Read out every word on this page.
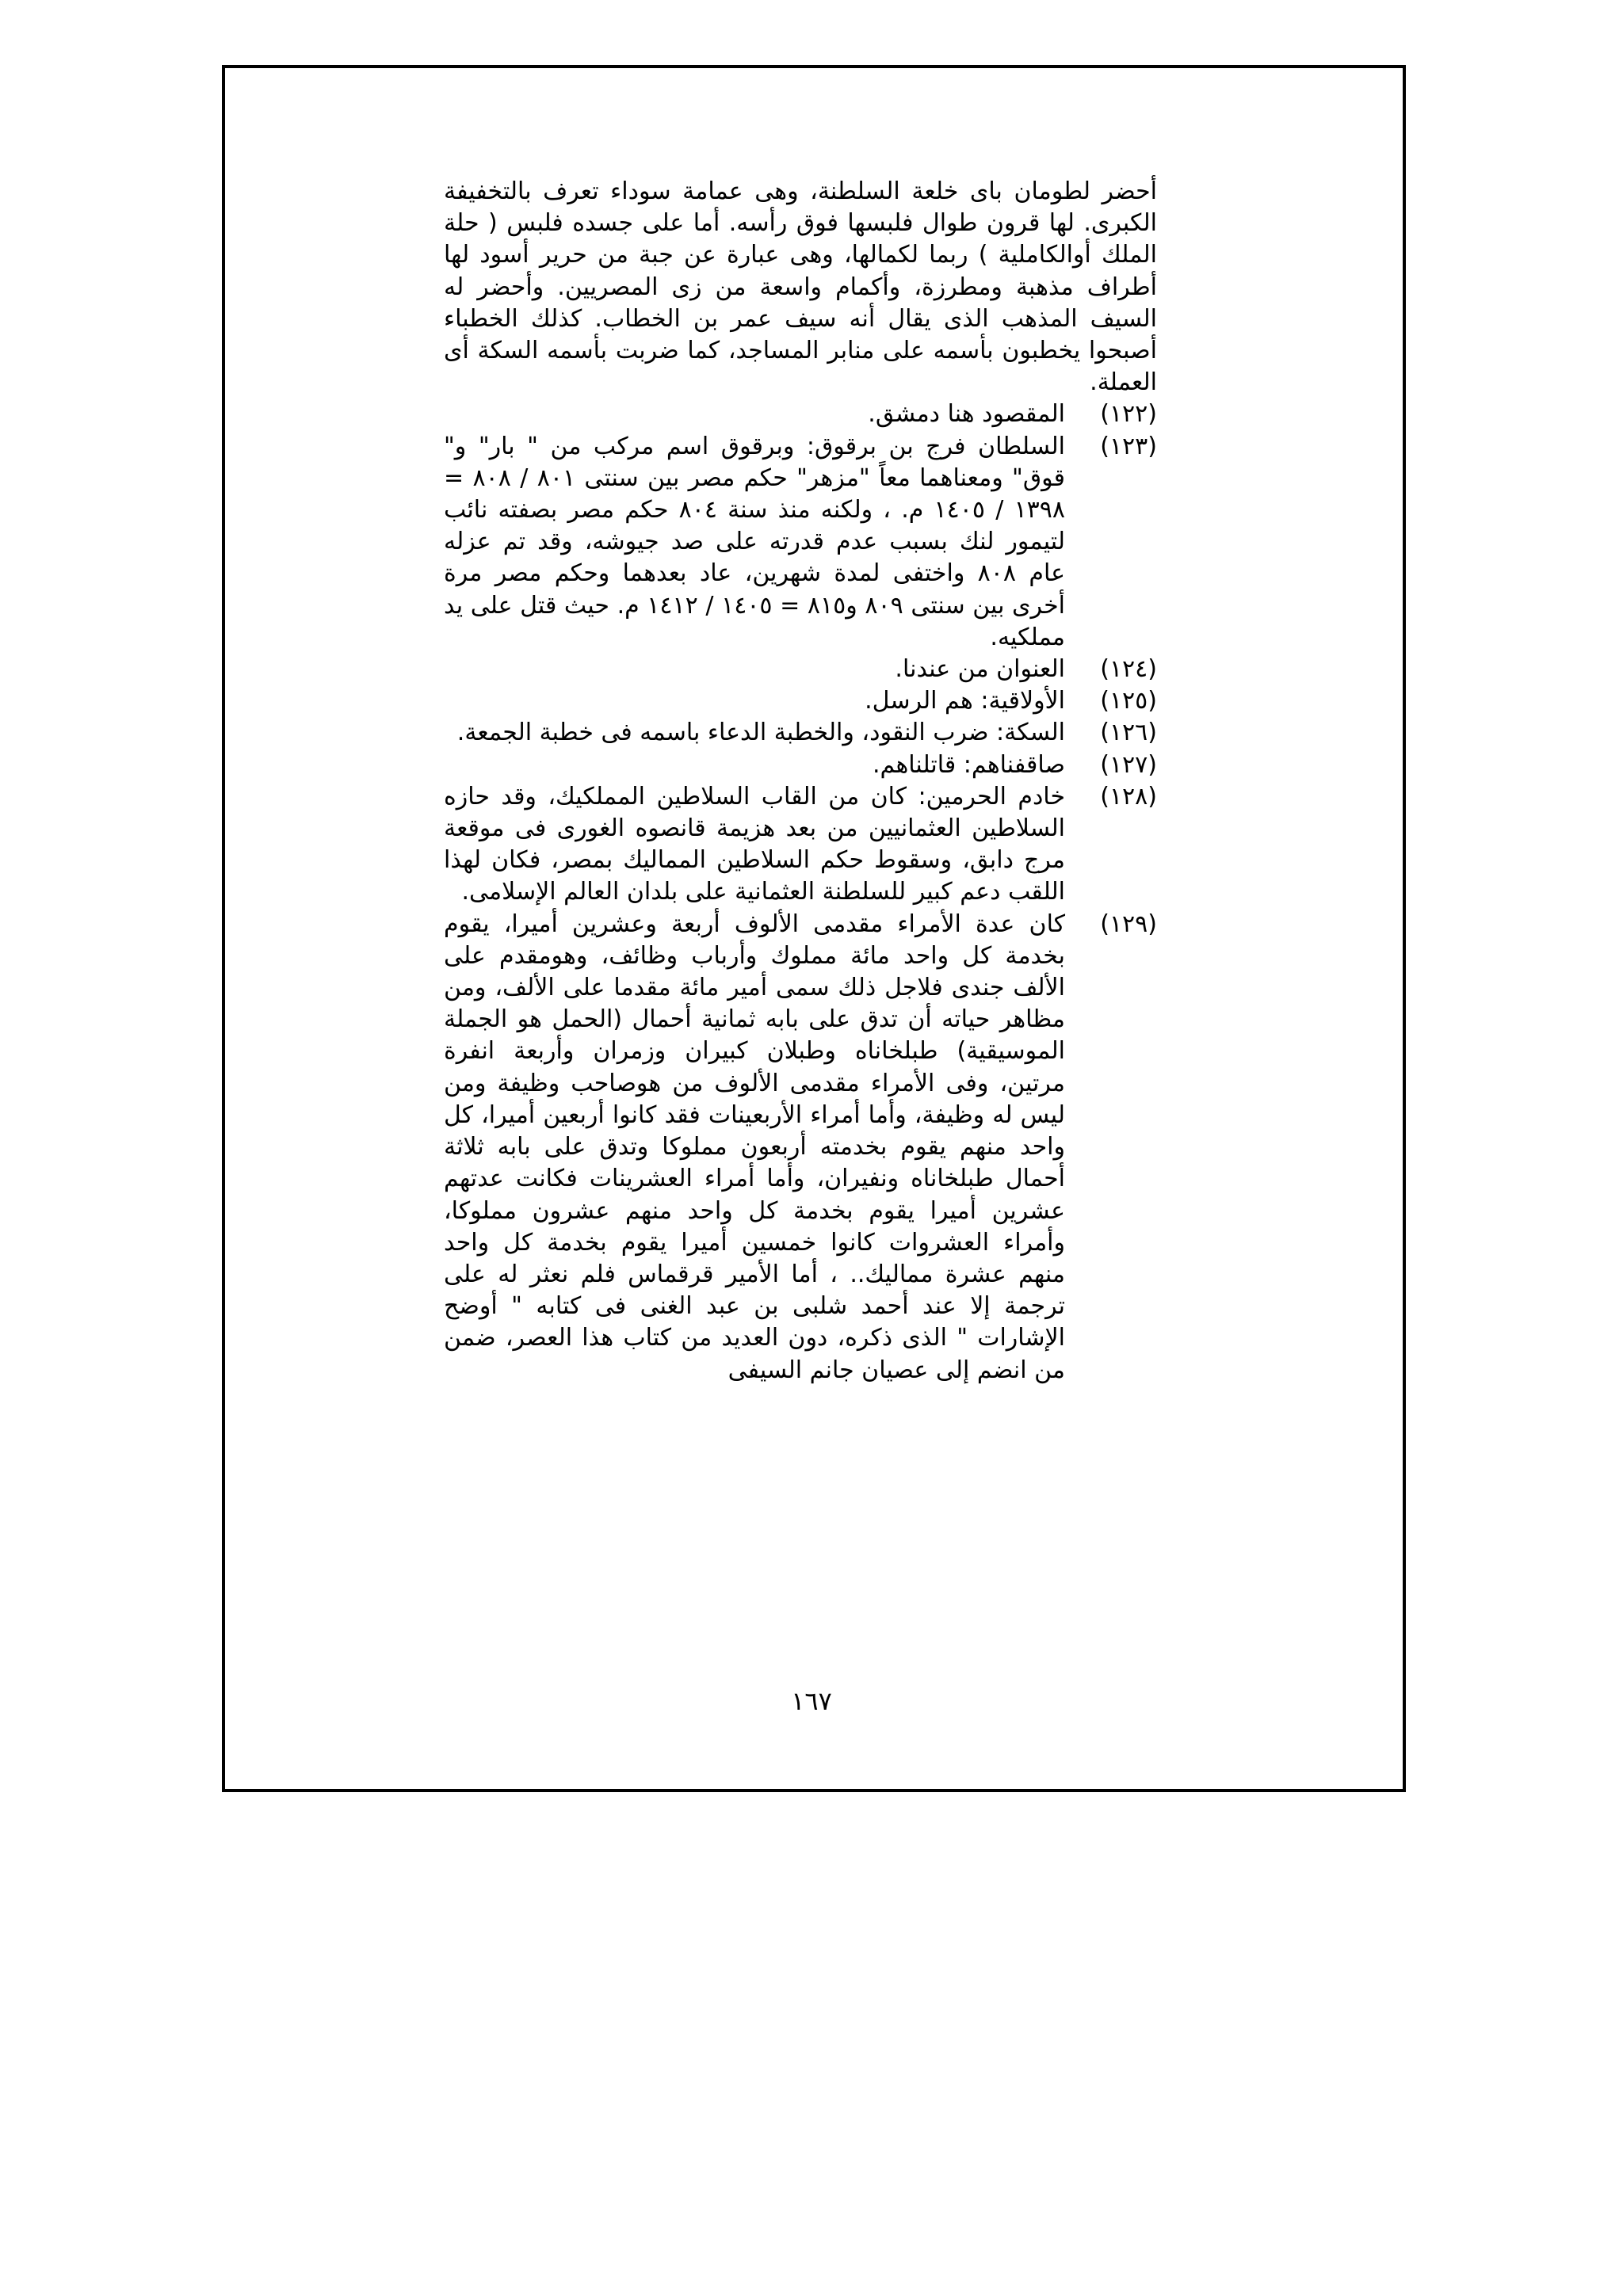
أحضر لطومان باى خلعة السلطنة، وهى عمامة سوداء تعرف بالتخفيفة الكبرى. لها قرون طوال فلبسها فوق رأسه. أما على جسده فلبس ( حلة الملك أوالكاملية ) ربما لكمالها، وهى عبارة عن جبة من حرير أسود لها أطراف مذهبة ومطرزة، وأكمام واسعة من زى المصريين. وأحضر له السيف المذهب الذى يقال أنه سيف عمر بن الخطاب. كذلك الخطباء أصبحوا يخطبون بأسمه على منابر المساجد، كما ضربت بأسمه السكة أى العملة.

(١٢٢)

المقصود هنا دمشق.

(١٢٣)

السلطان فرج بن برقوق: وبرقوق اسم مركب من " بار" و" قوق" ومعناهما معاً "مزهر" حكم مصر بين سنتى ٨٠١ / ٨٠٨ = ١٣٩٨ / ١٤٠٥ م. ، ولكنه منذ سنة ٨٠٤ حكم مصر بصفته نائب لتيمور لنك بسبب عدم قدرته على صد جيوشه، وقد تم عزله عام ٨٠٨ واختفى لمدة شهرين، عاد بعدهما وحكم مصر مرة أخرى بين سنتى ٨٠٩ و٨١٥ = ١٤٠٥ / ١٤١٢ م. حيث قتل على يد مملكيه.

(١٢٤)

العنوان من عندنا.

(١٢٥)

الأولاقية: هم الرسل.

(١٢٦)

السكة: ضرب النقود، والخطبة الدعاء باسمه فى خطبة الجمعة.

(١٢٧)

صاقفناهم: قاتلناهم.

(١٢٨)

خادم الحرمين: كان من القاب السلاطين المملكيك، وقد حازه السلاطين العثمانيين من بعد هزيمة قانصوه الغورى فى موقعة مرج دابق، وسقوط حكم السلاطين المماليك بمصر، فكان لهذا اللقب دعم كبير للسلطنة العثمانية على بلدان العالم الإسلامى.

(١٢٩)

كان عدة الأمراء مقدمى الألوف أربعة وعشرين أميرا، يقوم بخدمة كل واحد مائة مملوك وأرباب وظائف، وهومقدم على الألف جندى فلاجل ذلك سمى أمير مائة مقدما على الألف، ومن مظاهر حياته أن تدق على بابه ثمانية أحمال (الحمل هو الجملة الموسيقية) طبلخاناه وطبلان كبيران وزمران وأربعة انفرة مرتين، وفى الأمراء مقدمى الألوف من هوصاحب وظيفة ومن ليس له وظيفة، وأما أمراء الأربعينات فقد كانوا أربعين أميرا، كل واحد منهم يقوم بخدمته أربعون مملوكا وتدق على بابه ثلاثة أحمال طبلخاناه ونفيران، وأما أمراء العشرينات فكانت عدتهم عشرين أميرا يقوم بخدمة كل واحد منهم عشرون مملوكا، وأمراء العشروات كانوا خمسين أميرا يقوم بخدمة كل واحد منهم عشرة مماليك.. ، أما الأمير قرقماس فلم نعثر له على ترجمة إلا عند أحمد شلبى بن عبد الغنى فى كتابه " أوضح الإشارات " الذى ذكره، دون العديد من كتاب هذا العصر، ضمن من انضم إلى عصيان جانم السيفى

١٦٧
